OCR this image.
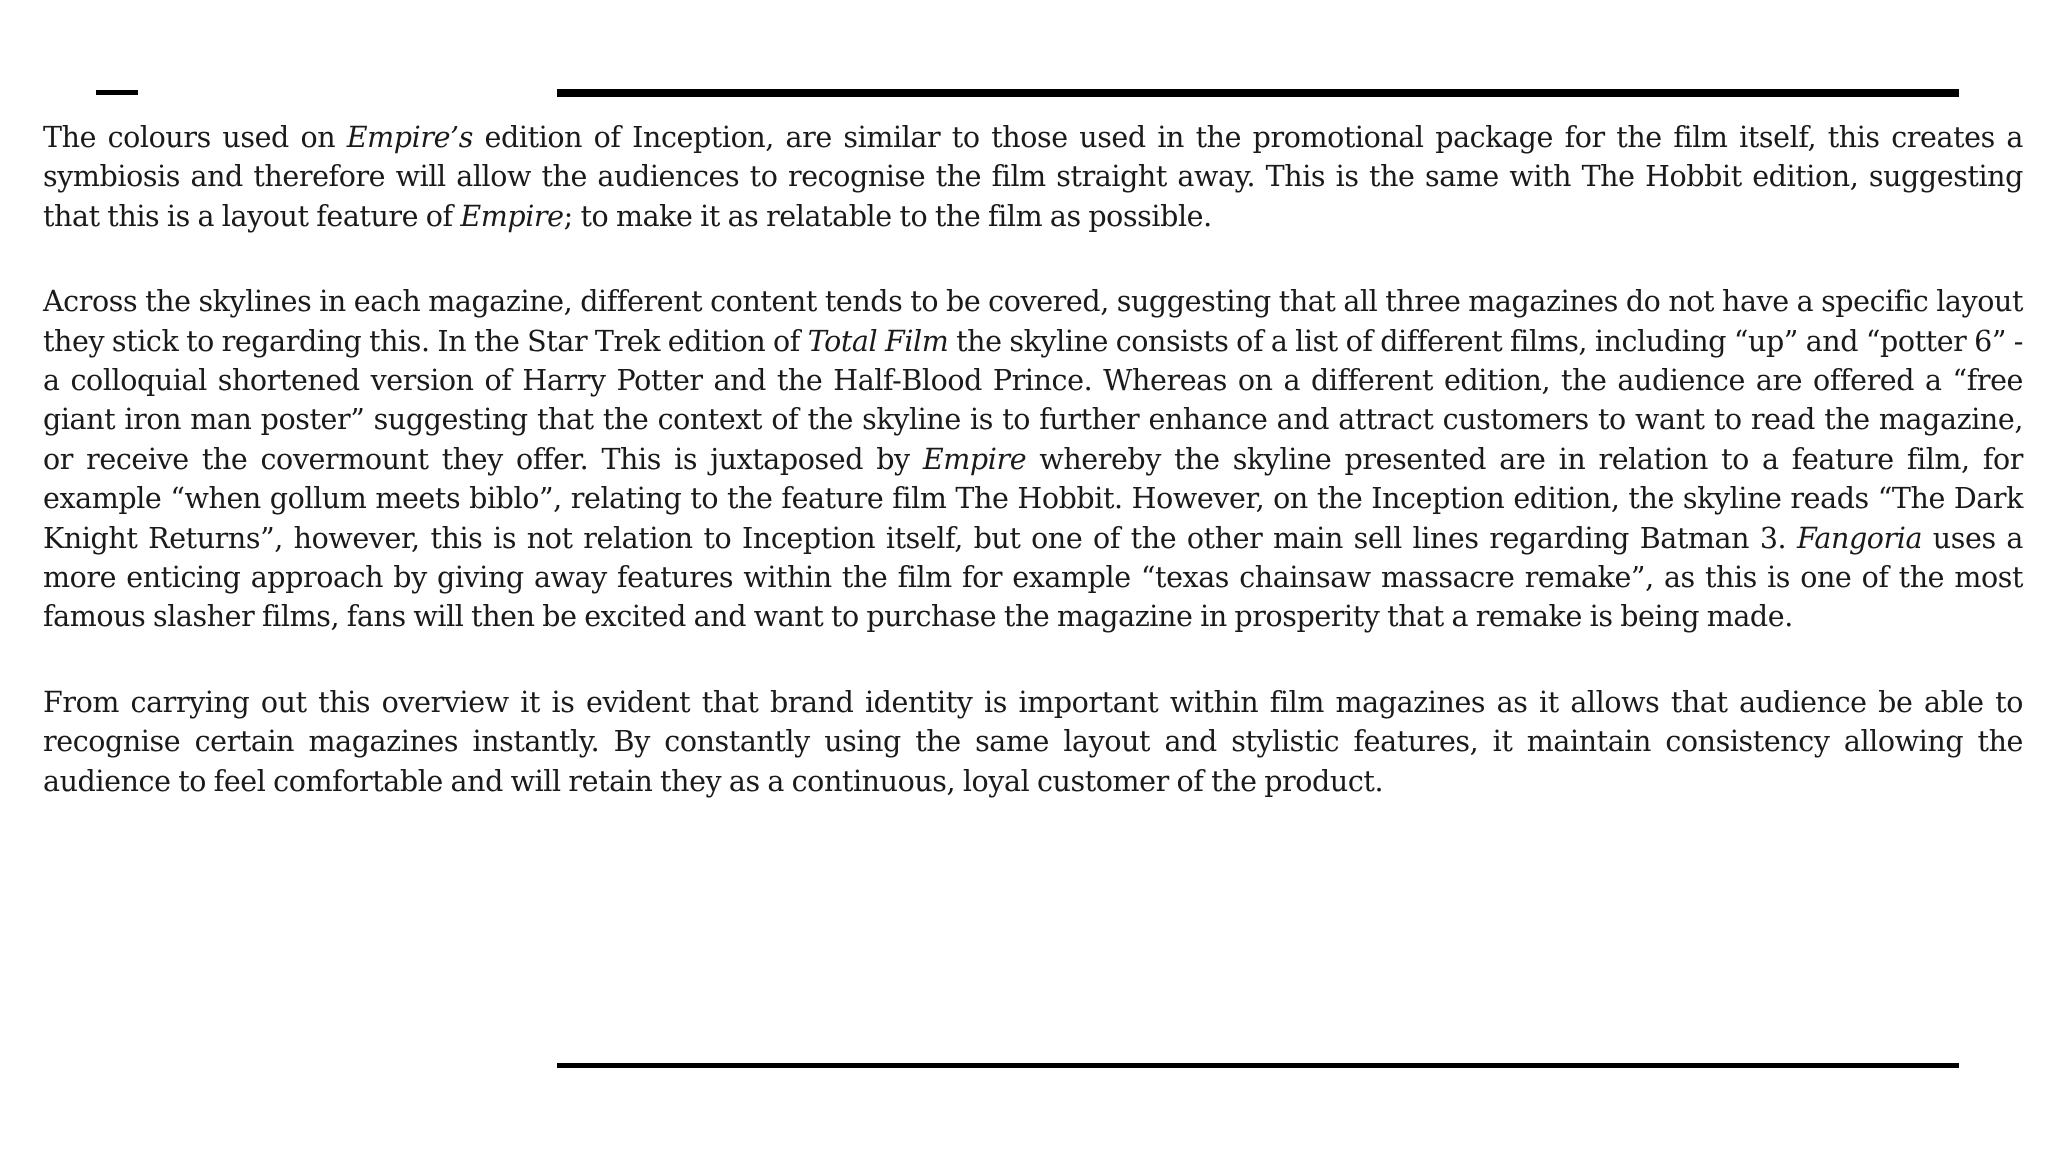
The colours used on Empire’s edition of Inception, are similar to those used in the promotional package for the film itself, this creates a symbiosis and therefore will allow the audiences to recognise the film straight away. This is the same with The Hobbit edition, suggesting that this is a layout feature of Empire; to make it as relatable to the film as possible.

Across the skylines in each magazine, different content tends to be covered, suggesting that all three magazines do not have a specific layout they stick to regarding this. In the Star Trek edition of Total Film the skyline consists of a list of different films, including “up” and “potter 6” - a colloquial shortened version of Harry Potter and the Half-Blood Prince. Whereas on a different edition, the audience are offered a “free giant iron man poster” suggesting that the context of the skyline is to further enhance and attract customers to want to read the magazine, or receive the covermount they offer. This is juxtaposed by Empire whereby the skyline presented are in relation to a feature film, for example “when gollum meets biblo”, relating to the feature film The Hobbit. However, on the Inception edition, the skyline reads “The Dark Knight Returns”, however, this is not relation to Inception itself, but one of the other main sell lines regarding Batman 3. Fangoria uses a more enticing approach by giving away features within the film for example “texas chainsaw massacre remake”, as this is one of the most famous slasher films, fans will then be excited and want to purchase the magazine in prosperity that a remake is being made.

From carrying out this overview it is evident that brand identity is important within film magazines as it allows that audience be able to recognise certain magazines instantly. By constantly using the same layout and stylistic features, it maintain consistency allowing the audience to feel comfortable and will retain they as a continuous, loyal customer of the product.
